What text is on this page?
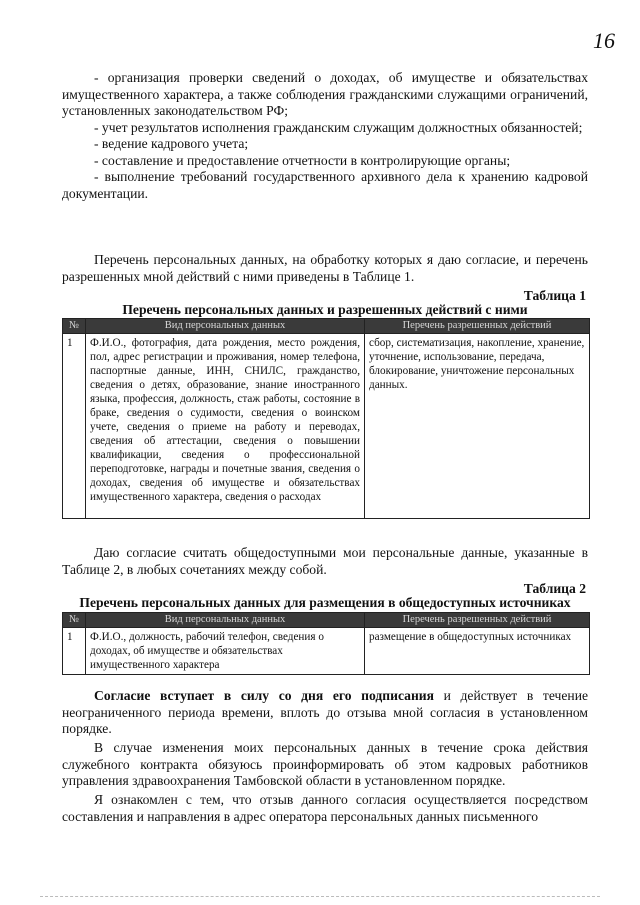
16
- организация проверки сведений о доходах, об имуществе и обязательствах имущественного характера, а также соблюдения гражданскими служащими ограничений, установленных законодательством РФ;
- учет результатов исполнения гражданским служащим должностных обязанностей;
- ведение кадрового учета;
- составление и предоставление отчетности в контролирующие органы;
- выполнение требований государственного архивного дела к хранению кадровой документации.
Перечень персональных данных, на обработку которых я даю согласие, и перечень разрешенных мной действий с ними приведены в Таблице 1.
Таблица 1
Перечень персональных данных и разрешенных действий с ними
№	Вид персональных данных	Перечень разрешенных действий
1	Ф.И.О., фотография, дата рождения, место рождения, пол, адрес регистрации и проживания, номер телефона, паспортные данные, ИНН, СНИЛС, гражданство, сведения о детях, образование, знание иностранного языка, профессия, должность, стаж работы, состояние в браке, сведения о судимости, сведения о воинском учете, сведения о приеме на работу и переводах, сведения об аттестации, сведения о повышении квалификации, сведения о профессиональной переподготовке, награды и почетные звания, сведения о доходах, сведения об имуществе и обязательствах имущественного характера, сведения о расходах	сбор, систематизация, накопление, хранение, уточнение, использование, передача, блокирование, уничтожение персональных данных.
Даю согласие считать общедоступными мои персональные данные, указанные в Таблице 2, в любых сочетаниях между собой.
Таблица 2
Перечень персональных данных для размещения в общедоступных источниках
№	Вид персональных данных	Перечень разрешенных действий
1	Ф.И.О., должность, рабочий телефон, сведения о доходах, об имуществе и обязательствах имущественного характера	размещение в общедоступных источниках
Согласие вступает в силу со дня его подписания и действует в течение неограниченного периода времени, вплоть до отзыва мной согласия в установленном порядке.
В случае изменения моих персональных данных в течение срока действия служебного контракта обязуюсь проинформировать об этом кадровых работников управления здравоохранения Тамбовской области в установленном порядке.
Я ознакомлен с тем, что отзыв данного согласия осуществляется посредством составления и направления в адрес оператора персональных данных письменного
